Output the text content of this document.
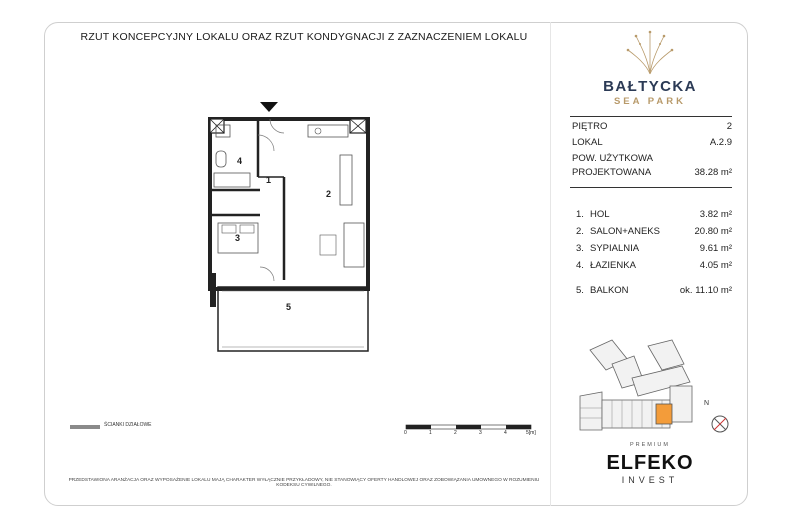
RZUT KONCEPCYJNY LOKALU ORAZ RZUT KONDYGNACJI Z ZAZNACZENIEM LOKALU
4
1
2
3
5
BAŁTYCKA
SEA PARK
PIĘTRO	2
LOKAL	A.2.9
POW. UŻYTKOWA
PROJEKTOWANA	38.28 m²
1. HOL	3.82 m²
2. SALON+ANEKS	20.80 m²
3. SYPIALNIA	9.61 m²
4. ŁAZIENKA	4.05 m²
5. BALKON	ok. 11.10 m²
N
ŚCIANKI DZIAŁOWE
0	1	2	3	4	5[m]
PRZEDSTAWIONA ARANŻACJA ORAZ WYPOSAŻENIE LOKALU MAJĄ CHARAKTER WYŁĄCZNIE PRZYKŁADOWY, NIE STANOWIĄCY OFERTY HANDLOWEJ ORAZ ZOBOWIĄZANIA UMOWNEGO W ROZUMIENIU KODEKSU CYWILNEGO.
PREMIUM
ELFEKO
INVEST
